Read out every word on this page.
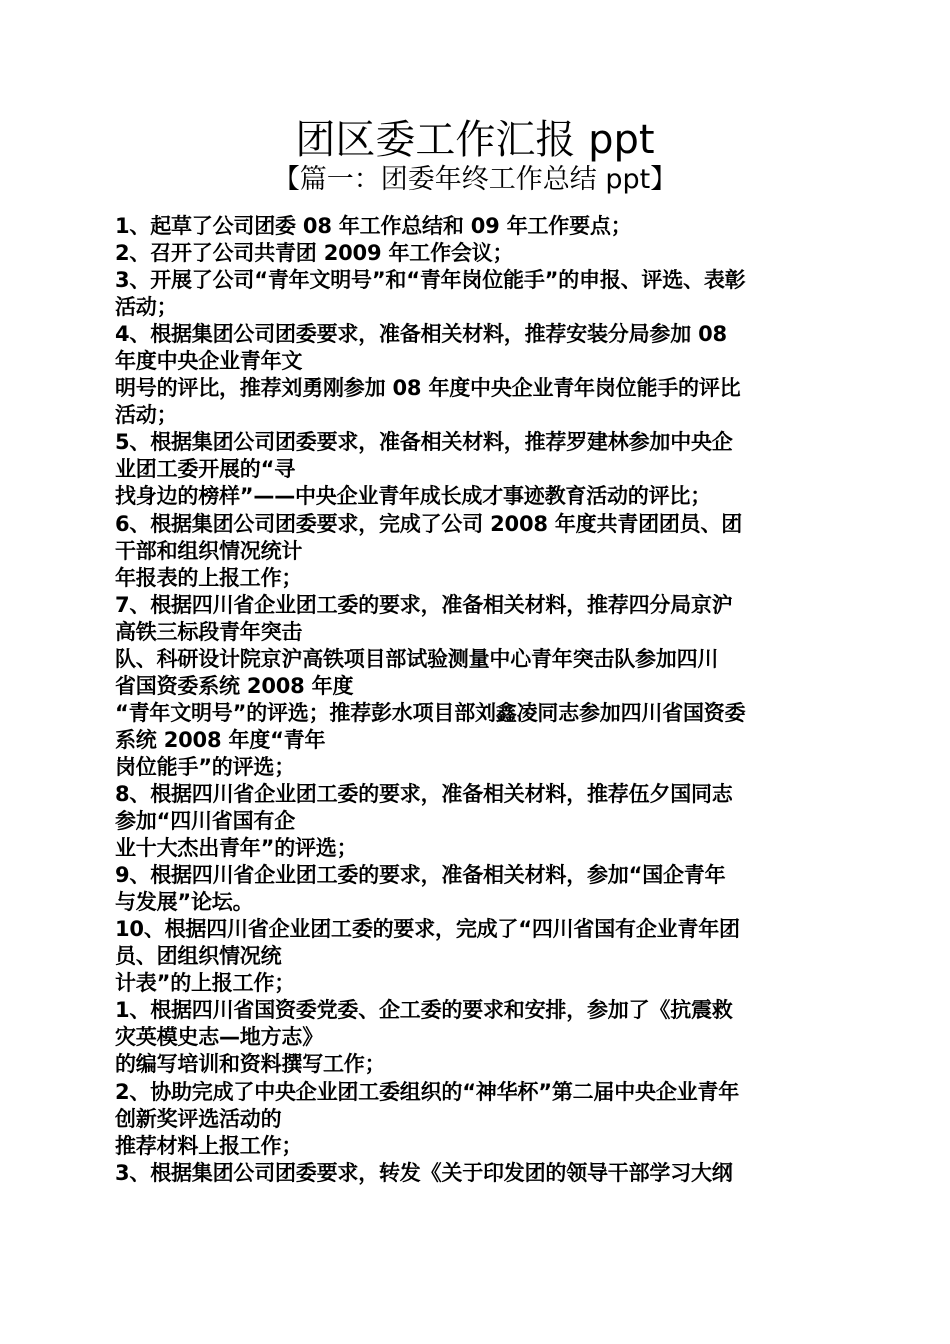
团区委工作汇报 ppt
【篇一：团委年终工作总结 ppt】
1、起草了公司团委 08 年工作总结和 09 年工作要点；
2、召开了公司共青团 2009 年工作会议；
3、开展了公司“青年文明号”和“青年岗位能手”的申报、评选、表彰
活动；
4、根据集团公司团委要求，准备相关材料，推荐安装分局参加 08
年度中央企业青年文
明号的评比，推荐刘勇刚参加 08 年度中央企业青年岗位能手的评比
活动；
5、根据集团公司团委要求，准备相关材料，推荐罗建林参加中央企
业团工委开展的“寻
找身边的榜样”——中央企业青年成长成才事迹教育活动的评比；
6、根据集团公司团委要求，完成了公司 2008 年度共青团团员、团
干部和组织情况统计
年报表的上报工作；
7、根据四川省企业团工委的要求，准备相关材料，推荐四分局京沪
高铁三标段青年突击
队、科研设计院京沪高铁项目部试验测量中心青年突击队参加四川
省国资委系统 2008 年度
“青年文明号”的评选；推荐彭水项目部刘鑫凌同志参加四川省国资委
系统 2008 年度“青年
岗位能手”的评选；
8、根据四川省企业团工委的要求，准备相关材料，推荐伍夕国同志
参加“四川省国有企
业十大杰出青年”的评选；
9、根据四川省企业团工委的要求，准备相关材料，参加“国企青年
与发展”论坛。
10、根据四川省企业团工委的要求，完成了“四川省国有企业青年团
员、团组织情况统
计表”的上报工作；
1、根据四川省国资委党委、企工委的要求和安排，参加了《抗震救
灾英模史志—地方志》
的编写培训和资料撰写工作；
2、协助完成了中央企业团工委组织的“神华杯”第二届中央企业青年
创新奖评选活动的
推荐材料上报工作；
3、根据集团公司团委要求，转发《关于印发团的领导干部学习大纲
